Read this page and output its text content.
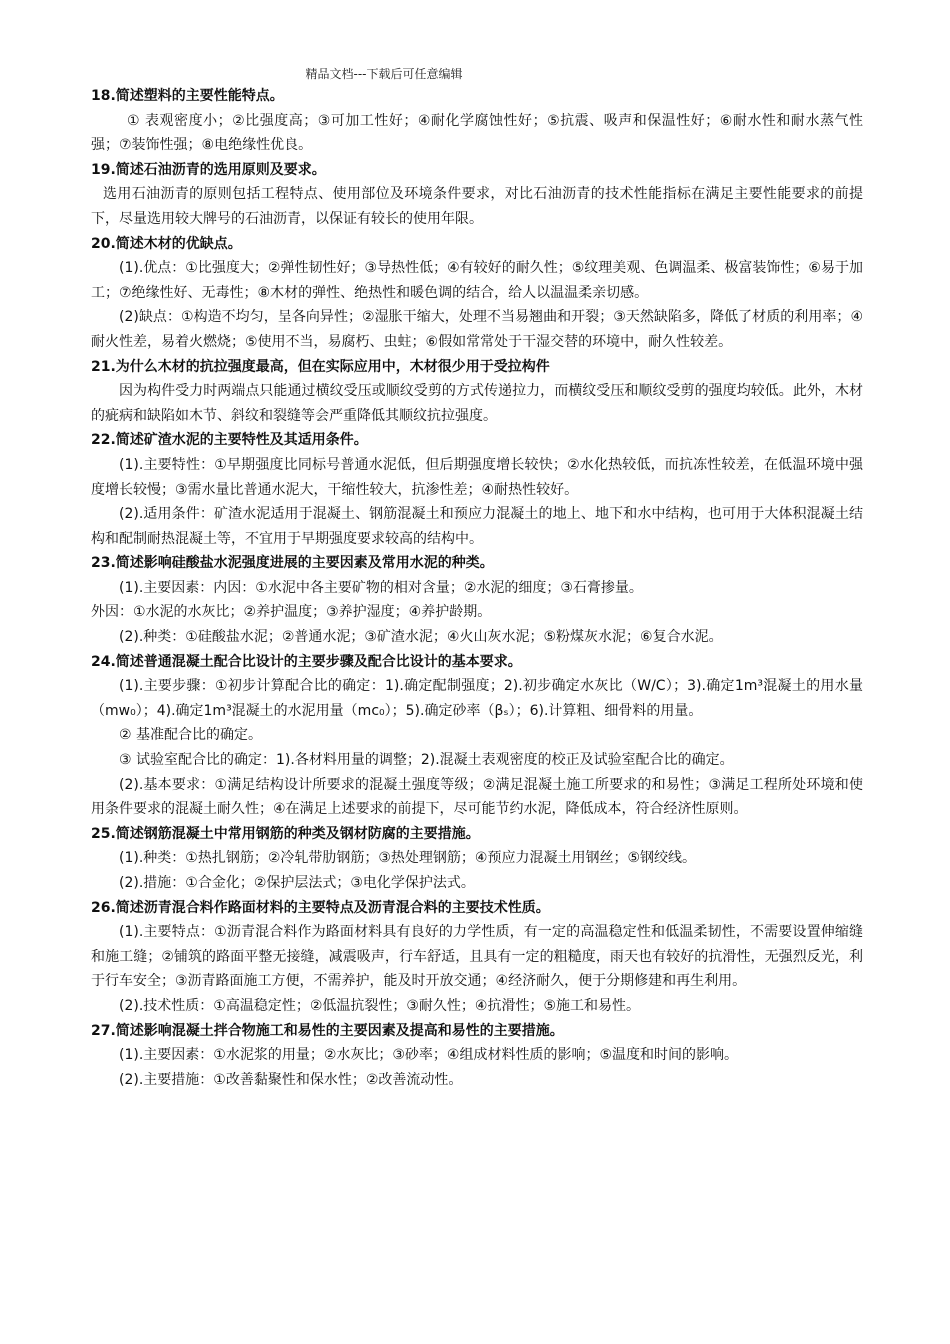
精品文档---下载后可任意编辑
18.简述塑料的主要性能特点。
① 表观密度小；②比强度高；③可加工性好；④耐化学腐蚀性好；⑤抗震、吸声和保温性好；⑥耐水性和耐水蒸气性强；⑦装饰性强；⑧电绝缘性优良。
19.简述石油沥青的选用原则及要求。
选用石油沥青的原则包括工程特点、使用部位及环境条件要求，对比石油沥青的技术性能指标在满足主要性能要求的前提下，尽量选用较大牌号的石油沥青，以保证有较长的使用年限。
20.简述木材的优缺点。
(1).优点：①比强度大；②弹性韧性好；③导热性低；④有较好的耐久性；⑤纹理美观、色调温柔、极富装饰性；⑥易于加工；⑦绝缘性好、无毒性；⑧木材的弹性、绝热性和暖色调的结合，给人以温温柔亲切感。
(2)缺点：①构造不均匀，呈各向异性；②湿胀干缩大，处理不当易翘曲和开裂；③天然缺陷多，降低了材质的利用率；④耐火性差，易着火燃烧；⑤使用不当，易腐朽、虫蛀；⑥假如常常处于干湿交替的环境中，耐久性较差。
21.为什么木材的抗拉强度最高，但在实际应用中，木材很少用于受拉构件
因为构件受力时两端点只能通过横纹受压或顺纹受剪的方式传递拉力，而横纹受压和顺纹受剪的强度均较低。此外，木材的疵病和缺陷如木节、斜纹和裂缝等会严重降低其顺纹抗拉强度。
22.简述矿渣水泥的主要特性及其适用条件。
(1).主要特性：①早期强度比同标号普通水泥低，但后期强度增长较快；②水化热较低，而抗冻性较差，在低温环境中强度增长较慢；③需水量比普通水泥大，干缩性较大，抗渗性差；④耐热性较好。
(2).适用条件：矿渣水泥适用于混凝土、钢筋混凝土和预应力混凝土的地上、地下和水中结构，也可用于大体积混凝土结构和配制耐热混凝土等，不宜用于早期强度要求较高的结构中。
23.简述影响硅酸盐水泥强度进展的主要因素及常用水泥的种类。
(1).主要因素：内因：①水泥中各主要矿物的相对含量；②水泥的细度；③石膏掺量。
外因：①水泥的水灰比；②养护温度；③养护湿度；④养护龄期。
(2).种类：①硅酸盐水泥；②普通水泥；③矿渣水泥；④火山灰水泥；⑤粉煤灰水泥；⑥复合水泥。
24.简述普通混凝土配合比设计的主要步骤及配合比设计的基本要求。
(1).主要步骤：①初步计算配合比的确定：1).确定配制强度；2).初步确定水灰比（W/C）；3).确定1m³混凝土的用水量（mw₀）；4).确定1m³混凝土的水泥用量（mc₀）；5).确定砂率（βₛ）；6).计算粗、细骨料的用量。
② 基准配合比的确定。
③ 试验室配合比的确定：1).各材料用量的调整；2).混凝土表观密度的校正及试验室配合比的确定。
(2).基本要求：①满足结构设计所要求的混凝土强度等级；②满足混凝土施工所要求的和易性；③满足工程所处环境和使用条件要求的混凝土耐久性；④在满足上述要求的前提下，尽可能节约水泥，降低成本，符合经济性原则。
25.简述钢筋混凝土中常用钢筋的种类及钢材防腐的主要措施。
(1).种类：①热扎钢筋；②冷轧带肋钢筋；③热处理钢筋；④预应力混凝土用钢丝；⑤钢绞线。
(2).措施：①合金化；②保护层法式；③电化学保护法式。
26.简述沥青混合料作路面材料的主要特点及沥青混合料的主要技术性质。
(1).主要特点：①沥青混合料作为路面材料具有良好的力学性质，有一定的高温稳定性和低温柔韧性，不需要设置伸缩缝和施工缝；②铺筑的路面平整无接缝，减震吸声，行车舒适，且具有一定的粗糙度，雨天也有较好的抗滑性，无强烈反光，利于行车安全；③沥青路面施工方便，不需养护，能及时开放交通；④经济耐久，便于分期修建和再生利用。
(2).技术性质：①高温稳定性；②低温抗裂性；③耐久性；④抗滑性；⑤施工和易性。
27.简述影响混凝土拌合物施工和易性的主要因素及提高和易性的主要措施。
(1).主要因素：①水泥浆的用量；②水灰比；③砂率；④组成材料性质的影响；⑤温度和时间的影响。
(2).主要措施：①改善黏聚性和保水性；②改善流动性。
